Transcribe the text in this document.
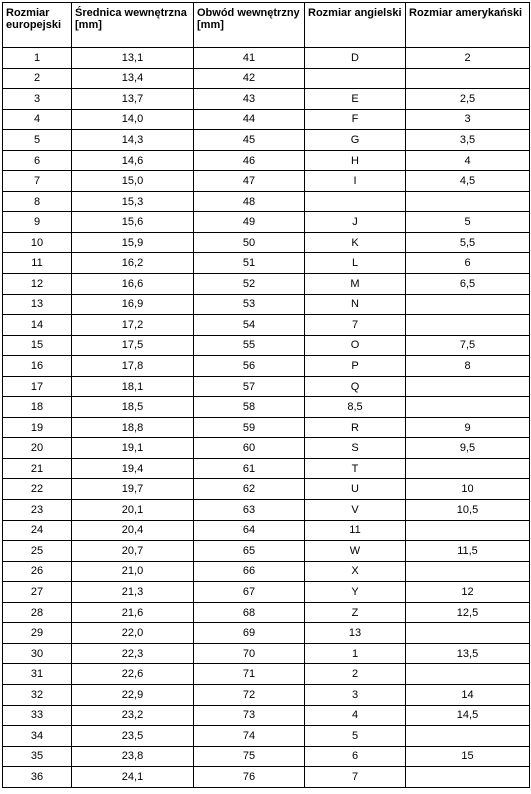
Rozmiar europejski	Średnica wewnętrzna [mm]	Obwód wewnętrzny [mm]	Rozmiar angielski	Rozmiar amerykański
1	13,1	41	D	2
2	13,4	42		
3	13,7	43	E	2,5
4	14,0	44	F	3
5	14,3	45	G	3,5
6	14,6	46	H	4
7	15,0	47	I	4,5
8	15,3	48		
9	15,6	49	J	5
10	15,9	50	K	5,5
11	16,2	51	L	6
12	16,6	52	M	6,5
13	16,9	53	N	
14	17,2	54	7	
15	17,5	55	O	7,5
16	17,8	56	P	8
17	18,1	57	Q	
18	18,5	58	8,5	
19	18,8	59	R	9
20	19,1	60	S	9,5
21	19,4	61	T	
22	19,7	62	U	10
23	20,1	63	V	10,5
24	20,4	64	11	
25	20,7	65	W	11,5
26	21,0	66	X	
27	21,3	67	Y	12
28	21,6	68	Z	12,5
29	22,0	69	13	
30	22,3	70	1	13,5
31	22,6	71	2	
32	22,9	72	3	14
33	23,2	73	4	14,5
34	23,5	74	5	
35	23,8	75	6	15
36	24,1	76	7	
